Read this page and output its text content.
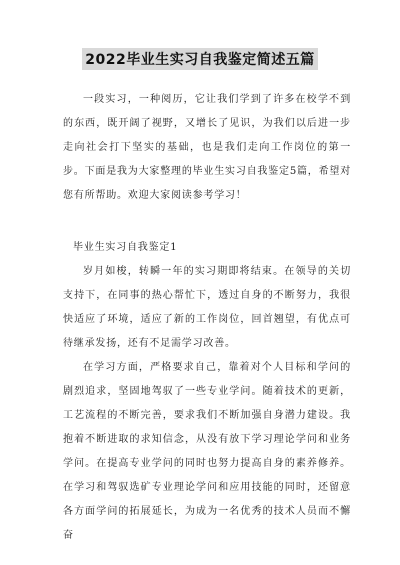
2022毕业生实习自我鉴定简述五篇

一段实习，一种阅历，它让我们学到了许多在校学不到的东西，既开阔了视野，又增长了见识，为我们以后进一步走向社会打下坚实的基础，也是我们走向工作岗位的第一步。下面是我为大家整理的毕业生实习自我鉴定5篇，希望对您有所帮助。欢迎大家阅读参考学习！

毕业生实习自我鉴定1

岁月如梭，转瞬一年的实习期即将结束。在领导的关切支持下，在同事的热心帮忙下，透过自身的不断努力，我很快适应了环境，适应了新的工作岗位，回首翘望，有优点可待继承发扬，还有不足需学习改善。

在学习方面，严格要求自己，靠着对个人目标和学问的剧烈追求，坚固地驾驭了一些专业学问。随着技术的更新，工艺流程的不断完善，要求我们不断加强自身潜力建设。我抱着不断进取的求知信念，从没有放下学习理论学问和业务学问。在提高专业学问的同时也努力提高自身的素养修养。在学习和驾驭选矿专业理论学问和应用技能的同时，还留意各方面学问的拓展延长，为成为一名优秀的技术人员而不懈奋
